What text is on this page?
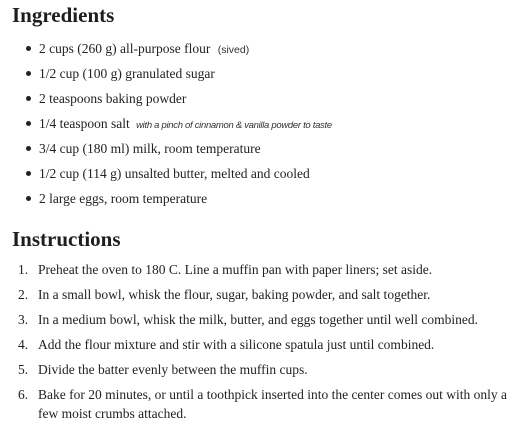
Ingredients
2 cups (260 g) all-purpose flour (sived)
1/2 cup (100 g) granulated sugar
2 teaspoons baking powder
1/4 teaspoon salt with a pinch of cinnamon & vanilla powder to taste
3/4 cup (180 ml) milk, room temperature
1/2 cup (114 g) unsalted butter, melted and cooled
2 large eggs, room temperature
Instructions
1. Preheat the oven to 180 C. Line a muffin pan with paper liners; set aside.
2. In a small bowl, whisk the flour, sugar, baking powder, and salt together.
3. In a medium bowl, whisk the milk, butter, and eggs together until well combined.
4. Add the flour mixture and stir with a silicone spatula just until combined.
5. Divide the batter evenly between the muffin cups.
6. Bake for 20 minutes, or until a toothpick inserted into the center comes out with only a few moist crumbs attached.
